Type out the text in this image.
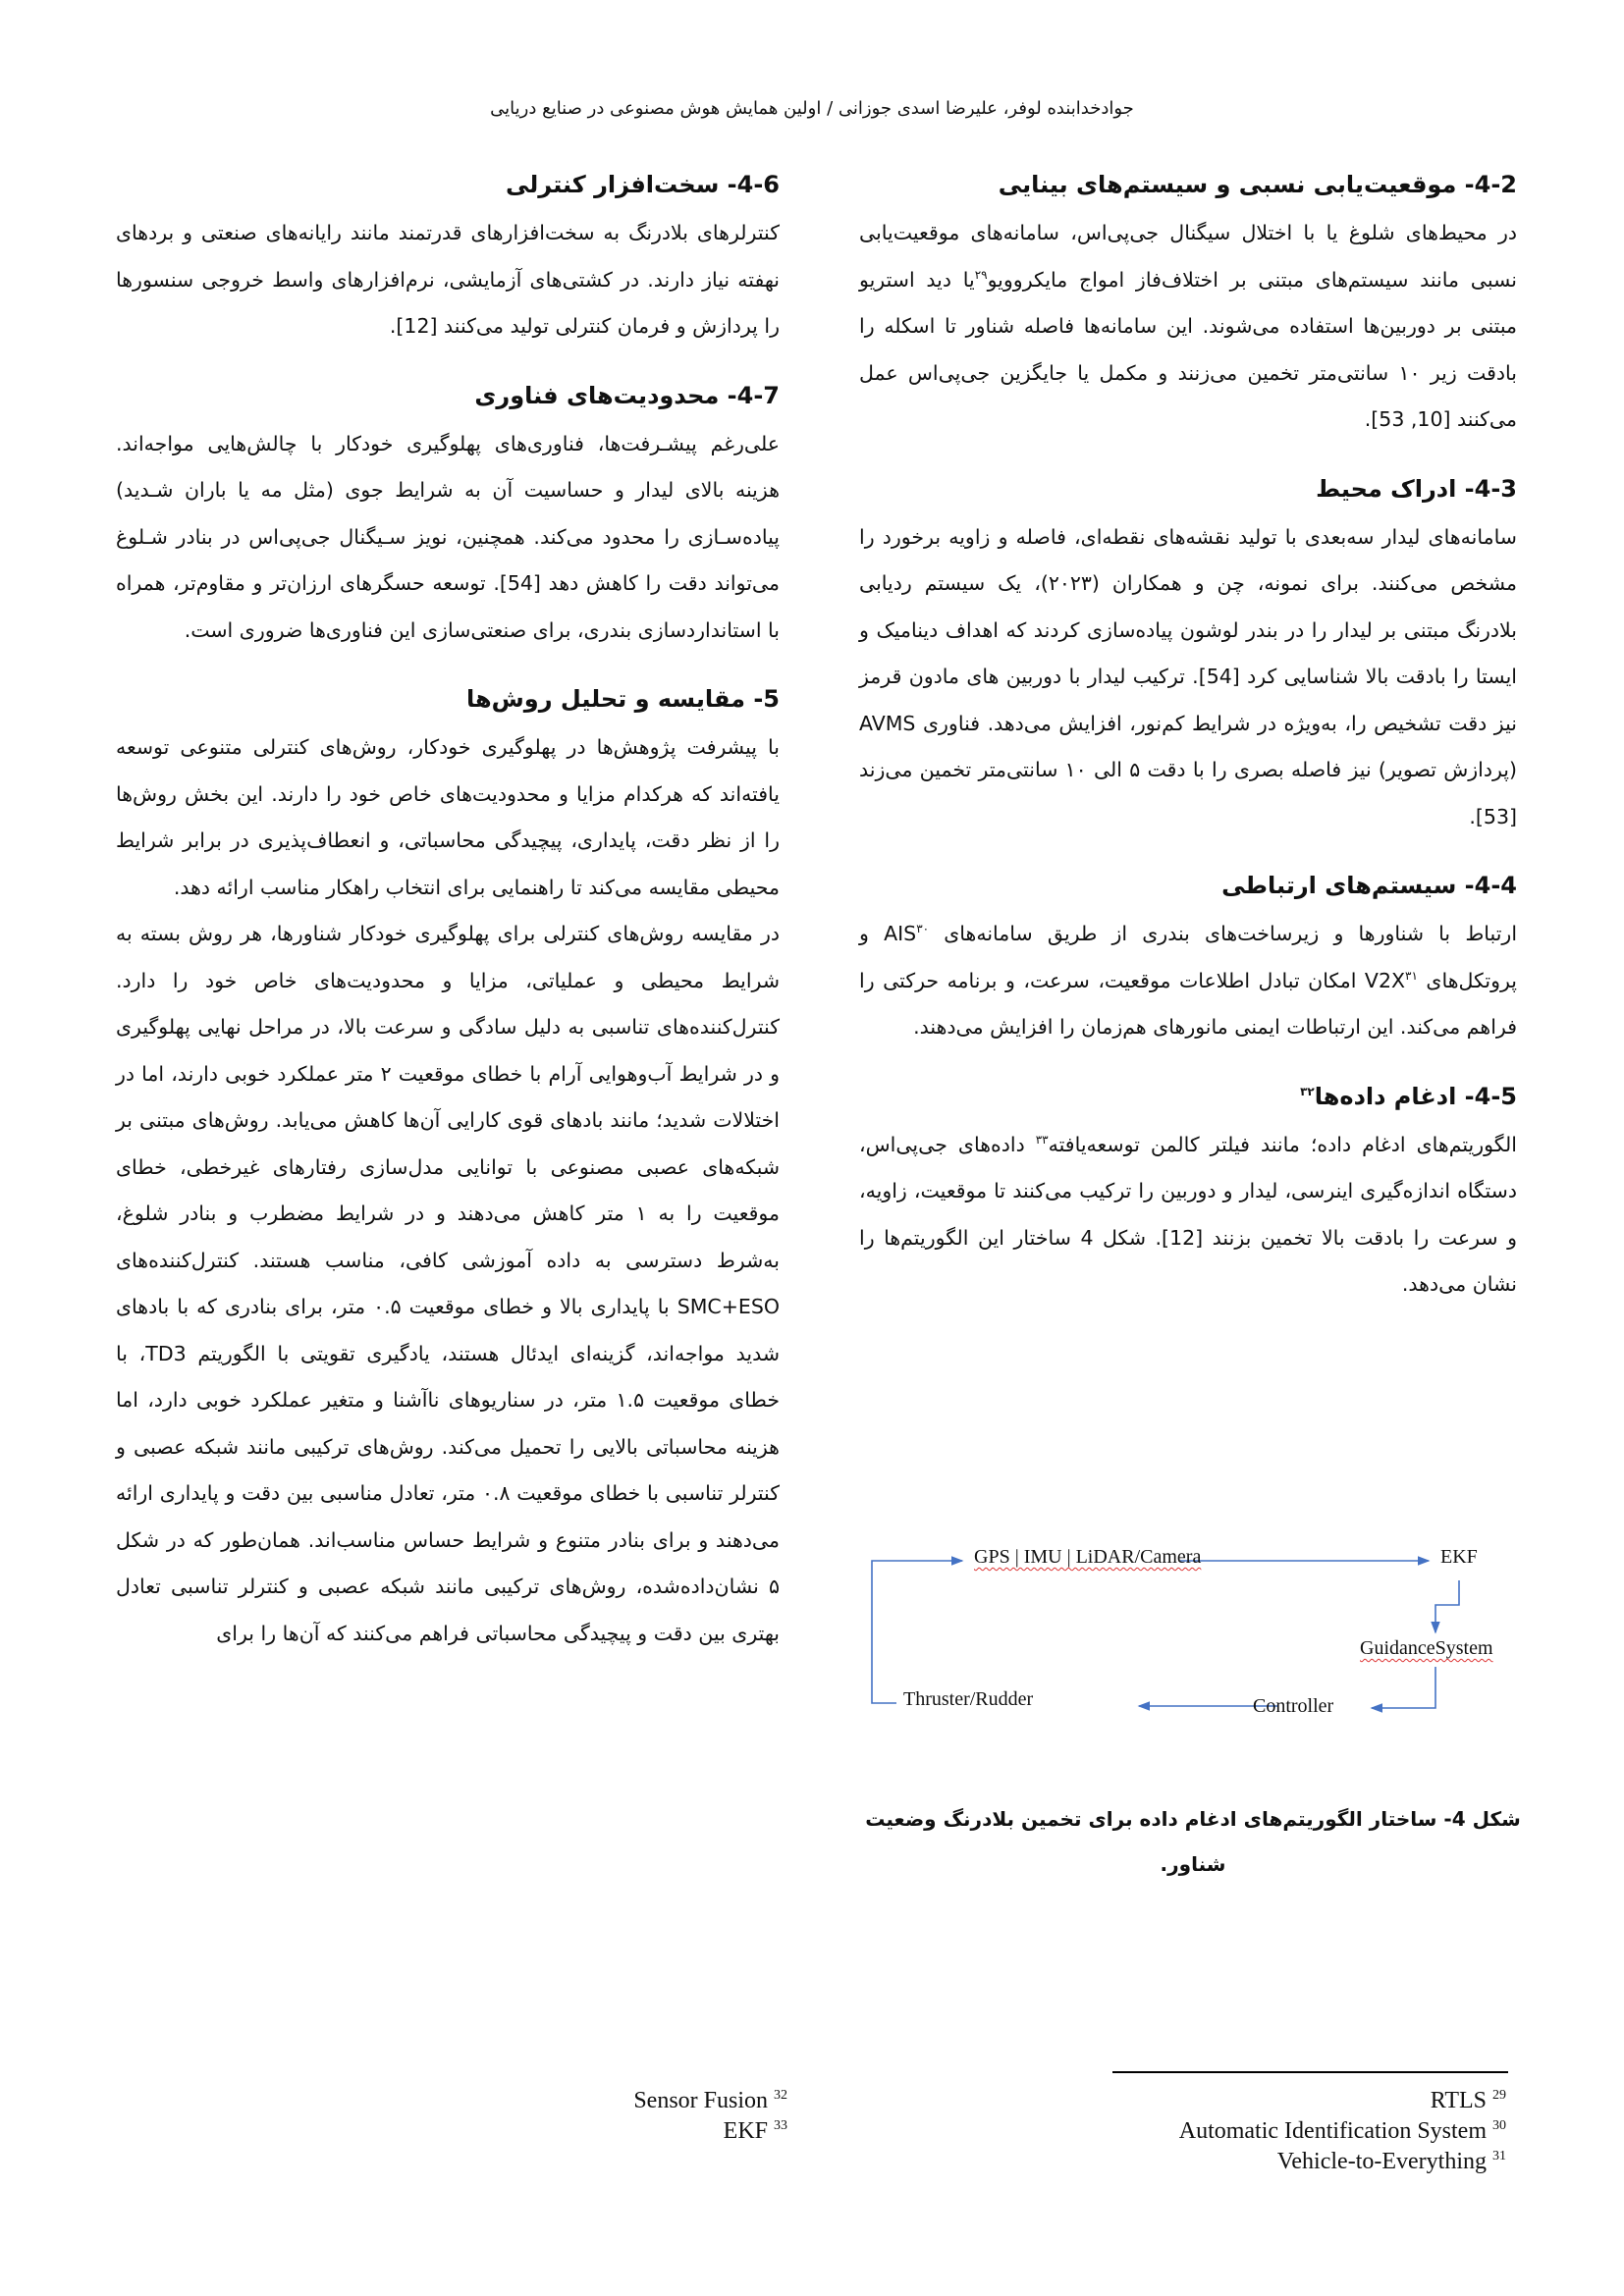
جوادخدابنده لوفر، علیرضا اسدی جوزانی / اولین همایش هوش مصنوعی در صنایع دریایی
4-2- موقعیت‌یابی نسبی و سیستم‌های بینایی

در محیط‌های شلوغ یا با اختلال سیگنال جی‌پی‌اس، سامانه‌های موقعیت‌یابی نسبی مانند سیستم‌های مبتنی بر اختلاف‌فاز امواج مایکروویو$^{۲۹}$یا دید استریو مبتنی بر دوربین‌ها استفاده می‌شوند. این سامانه‌ها فاصله شناور تا اسکله را بادقت زیر ۱۰ سانتی‌متر تخمین می‌زنند و مکمل یا جایگزین جی‌پی‌اس عمل می‌کنند [10, 53].

4-3- ادراک محیط

سامانه‌های لیدار سه‌بعدی با تولید نقشه‌های نقطه‌ای، فاصله و زاویه برخورد را مشخص می‌کنند. برای نمونه، چن و همکاران (۲۰۲۳)، یک سیستم ردیابی بلادرنگ مبتنی بر لیدار را در بندر لوشون پیاده‌سازی کردند که اهداف دینامیک و ایستا را بادقت بالا شناسایی کرد [54]. ترکیب لیدار با دوربین های مادون قرمز نیز دقت تشخیص را، به‌ویژه در شرایط کم‌نور، افزایش می‌دهد. فناوری AVMS (پردازش تصویر) نیز فاصله بصری را با دقت ۵ الی ۱۰ سانتی‌متر تخمین می‌زند [53].

4-4- سیستم‌های ارتباطی

ارتباط با شناورها و زیرساخت‌های بندری از طریق سامانه‌های AIS$^{۳۰}$ و پروتکل‌های $V2X^{۳۱}$ امکان تبادل اطلاعات موقعیت، سرعت، و برنامه حرکتی را فراهم می‌کند. این ارتباطات ایمنی مانورهای هم‌زمان را افزایش می‌دهند.

4-5- ادغام داده‌ها$^{۳۲}$

الگوریتم‌های ادغام داده؛ مانند فیلتر کالمن توسعه‌یافته$^{۳۳}$ داده‌های جی‌پی‌اس، دستگاه اندازه‌گیری اینرسی، لیدار و دوربین را ترکیب می‌کنند تا موقعیت، زاویه، و سرعت را بادقت بالا تخمین بزنند [12]. شکل 4 ساختار این الگوریتم‌ها را نشان می‌دهد.

GPS | IMU | LiDAR/Camera	EKF
GuidanceSystem
Controller
Thruster/Rudder
شکل 4- ساختار الگوریتم‌های ادغام داده برای تخمین بلادرنگ وضعیت شناور.
4-6- سخت‌افزار کنترلی

کنترلرهای بلادرنگ به سخت‌افزارهای قدرتمند مانند رایانه‌های صنعتی و بردهای نهفته نیاز دارند. در کشتی‌های آزمایشی، نرم‌افزارهای واسط خروجی سنسورها را پردازش و فرمان کنترلی تولید می‌کنند [12].

4-7- محدودیت‌های فناوری

علی‌رغم پیشـرفت‌ها، فناوری‌های پهلوگیری خودکار با چالش‌هایی مواجه‌اند. هزینه بالای لیدار و حساسیت آن به شرایط جوی (مثل مه یا باران شـدید) پیاده‌سـازی را محدود می‌کند. همچنین، نویز سـیگنال جی‌پی‌اس در بنادر شـلوغ می‌تواند دقت را کاهش دهد [54]. توسعه حسگرهای ارزان‌تر و مقاوم‌تر، همراه با استانداردسازی بندری، برای صنعتی‌سازی این فناوری‌ها ضروری است.

5- مقایسه و تحلیل روش‌ها

با پیشرفت پژوهش‌ها در پهلوگیری خودکار، روش‌های کنترلی متنوعی توسعه یافته‌اند که هرکدام مزایا و محدودیت‌های خاص خود را دارند. این بخش روش‌ها را از نظر دقت، پایداری، پیچیدگی محاسباتی، و انعطاف‌پذیری در برابر شرایط محیطی مقایسه می‌کند تا راهنمایی برای انتخاب راهکار مناسب ارائه دهد.

در مقایسه روش‌های کنترلی برای پهلوگیری خودکار شناورها، هر روش بسته به شرایط محیطی و عملیاتی، مزایا و محدودیت‌های خاص خود را دارد. کنترل‌کننده‌های تناسبی به دلیل سادگی و سرعت بالا، در مراحل نهایی پهلوگیری و در شرایط آب‌وهوایی آرام با خطای موقعیت ۲ متر عملکرد خوبی دارند، اما در اختلالات شدید؛ مانند بادهای قوی کارایی آن‌ها کاهش می‌یابد. روش‌های مبتنی بر شبکه‌های عصبی مصنوعی با توانایی مدل‌سازی رفتارهای غیرخطی، خطای موقعیت را به ۱ متر کاهش می‌دهند و در شرایط مضطرب و بنادر شلوغ، به‌شرط دسترسی به داده آموزشی کافی، مناسب هستند. کنترل‌کننده‌های SMC+ESO با پایداری بالا و خطای موقعیت ۰.۵ متر، برای بنادری که با بادهای شدید مواجه‌اند، گزینه‌ای ایدئال هستند، یادگیری تقویتی با الگوریتم TD3، با خطای موقعیت ۱.۵ متر، در سناریوهای ناآشنا و متغیر عملکرد خوبی دارد، اما هزینه محاسباتی بالایی را تحمیل می‌کند. روش‌های ترکیبی مانند شبکه عصبی و کنترلر تناسبی با خطای موقعیت ۰.۸ متر، تعادل مناسبی بین دقت و پایداری ارائه می‌دهند و برای بنادر متنوع و شرایط حساس مناسب‌اند. همان‌طور که در شکل ۵ نشان‌داده‌شده، روش‌های ترکیبی مانند شبکه عصبی و کنترلر تناسبی تعادل بهتری بین دقت و پیچیدگی محاسباتی فراهم می‌کنند که آن‌ها را برای

RTLS $^{29}$
Automatic Identification System $^{30}$
Vehicle-to-Everything $^{31}$
Sensor Fusion $^{32}$
EKF $^{33}$
